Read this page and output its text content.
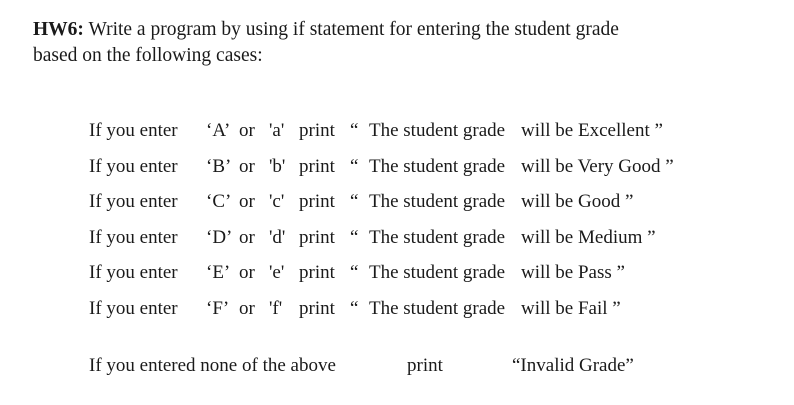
HW6: Write a program by using if statement for entering the student grade
based on the following cases:
If you enter ‘A’ or 'a' print “ The student grade will be Excellent ”
If you enter ‘B’ or 'b' print “ The student grade will be Very Good ”
If you enter ‘C’ or 'c' print “ The student grade will be Good ”
If you enter ‘D’ or 'd' print “ The student grade will be Medium ”
If you enter ‘E’ or 'e' print “ The student grade will be Pass ”
If you enter ‘F’ or 'f' print “ The student grade will be Fail ”
If you entered none of the above	print	“Invalid Grade”
